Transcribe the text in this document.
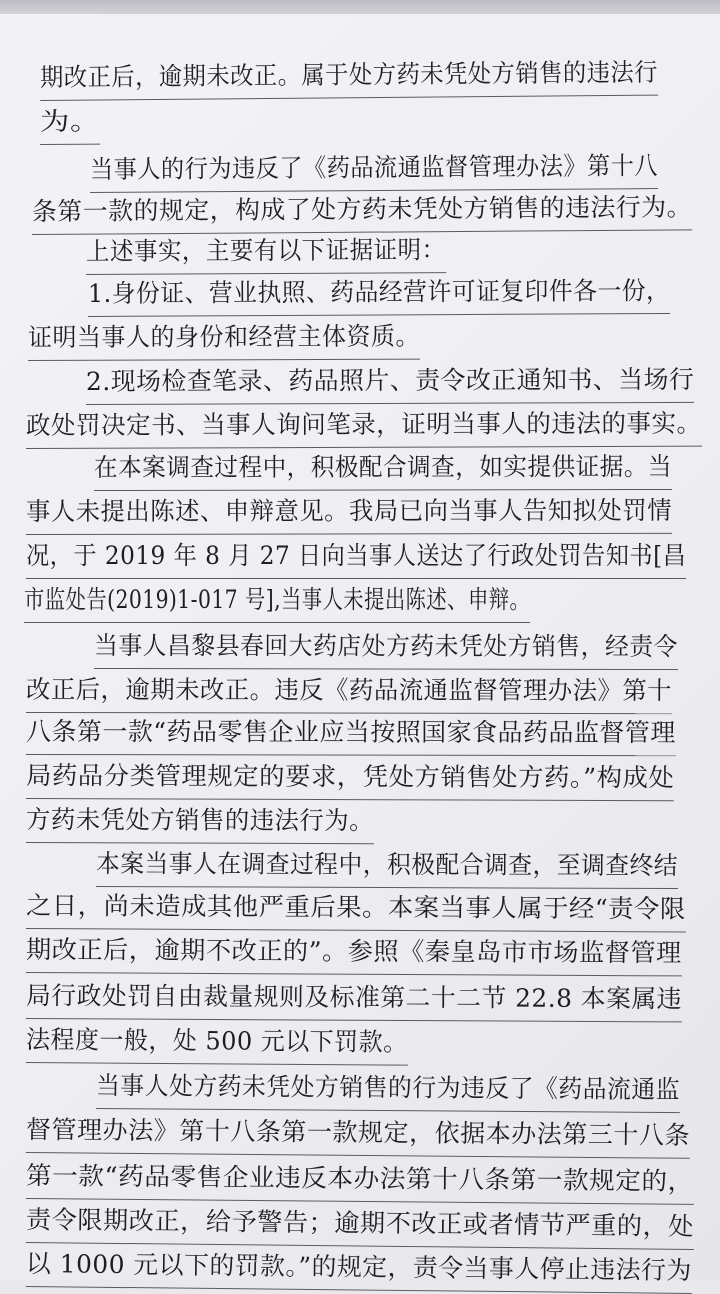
期改正后，逾期未改正。属于处方药未凭处方销售的违法行
为。
当事人的行为违反了《药品流通监督管理办法》第十八
条第一款的规定，构成了处方药未凭处方销售的违法行为。
上述事实，主要有以下证据证明：
1.身份证、营业执照、药品经营许可证复印件各一份，
证明当事人的身份和经营主体资质。
2.现场检查笔录、药品照片、责令改正通知书、当场行
政处罚决定书、当事人询问笔录，证明当事人的违法的事实。
在本案调查过程中，积极配合调查，如实提供证据。当
事人未提出陈述、申辩意见。我局已向当事人告知拟处罚情
况，于 2019 年 8 月 27 日向当事人送达了行政处罚告知书[昌
市监处告(2019)1-017 号],当事人未提出陈述、申辩。
当事人昌黎县春回大药店处方药未凭处方销售，经责令
改正后，逾期未改正。违反《药品流通监督管理办法》第十
八条第一款“药品零售企业应当按照国家食品药品监督管理
局药品分类管理规定的要求，凭处方销售处方药。”构成处
方药未凭处方销售的违法行为。
本案当事人在调查过程中，积极配合调查，至调查终结
之日，尚未造成其他严重后果。本案当事人属于经“责令限
期改正后，逾期不改正的”。参照《秦皇岛市市场监督管理
局行政处罚自由裁量规则及标准第二十二节 22.8 本案属违
法程度一般，处 500 元以下罚款。
当事人处方药未凭处方销售的行为违反了《药品流通监
督管理办法》第十八条第一款规定，依据本办法第三十八条
第一款“药品零售企业违反本办法第十八条第一款规定的，
责令限期改正，给予警告；逾期不改正或者情节严重的，处
以 1000 元以下的罚款。”的规定，责令当事人停止违法行为
